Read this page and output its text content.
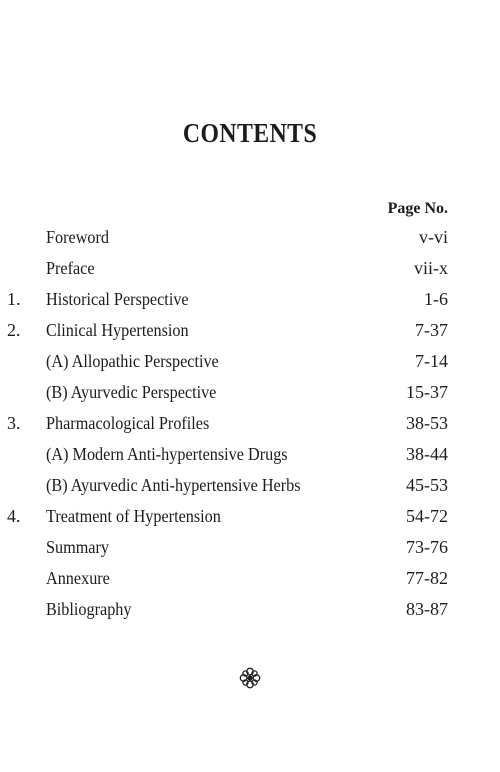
CONTENTS
Page No.
Foreword	v-vi
Preface	vii-x
1.	Historical Perspective	1-6
2.	Clinical Hypertension	7-37
(A) Allopathic Perspective	7-14
(B) Ayurvedic Perspective	15-37
3.	Pharmacological Profiles	38-53
(A) Modern Anti-hypertensive Drugs	38-44
(B) Ayurvedic Anti-hypertensive Herbs	45-53
4.	Treatment of Hypertension	54-72
Summary	73-76
Annexure	77-82
Bibliography	83-87
